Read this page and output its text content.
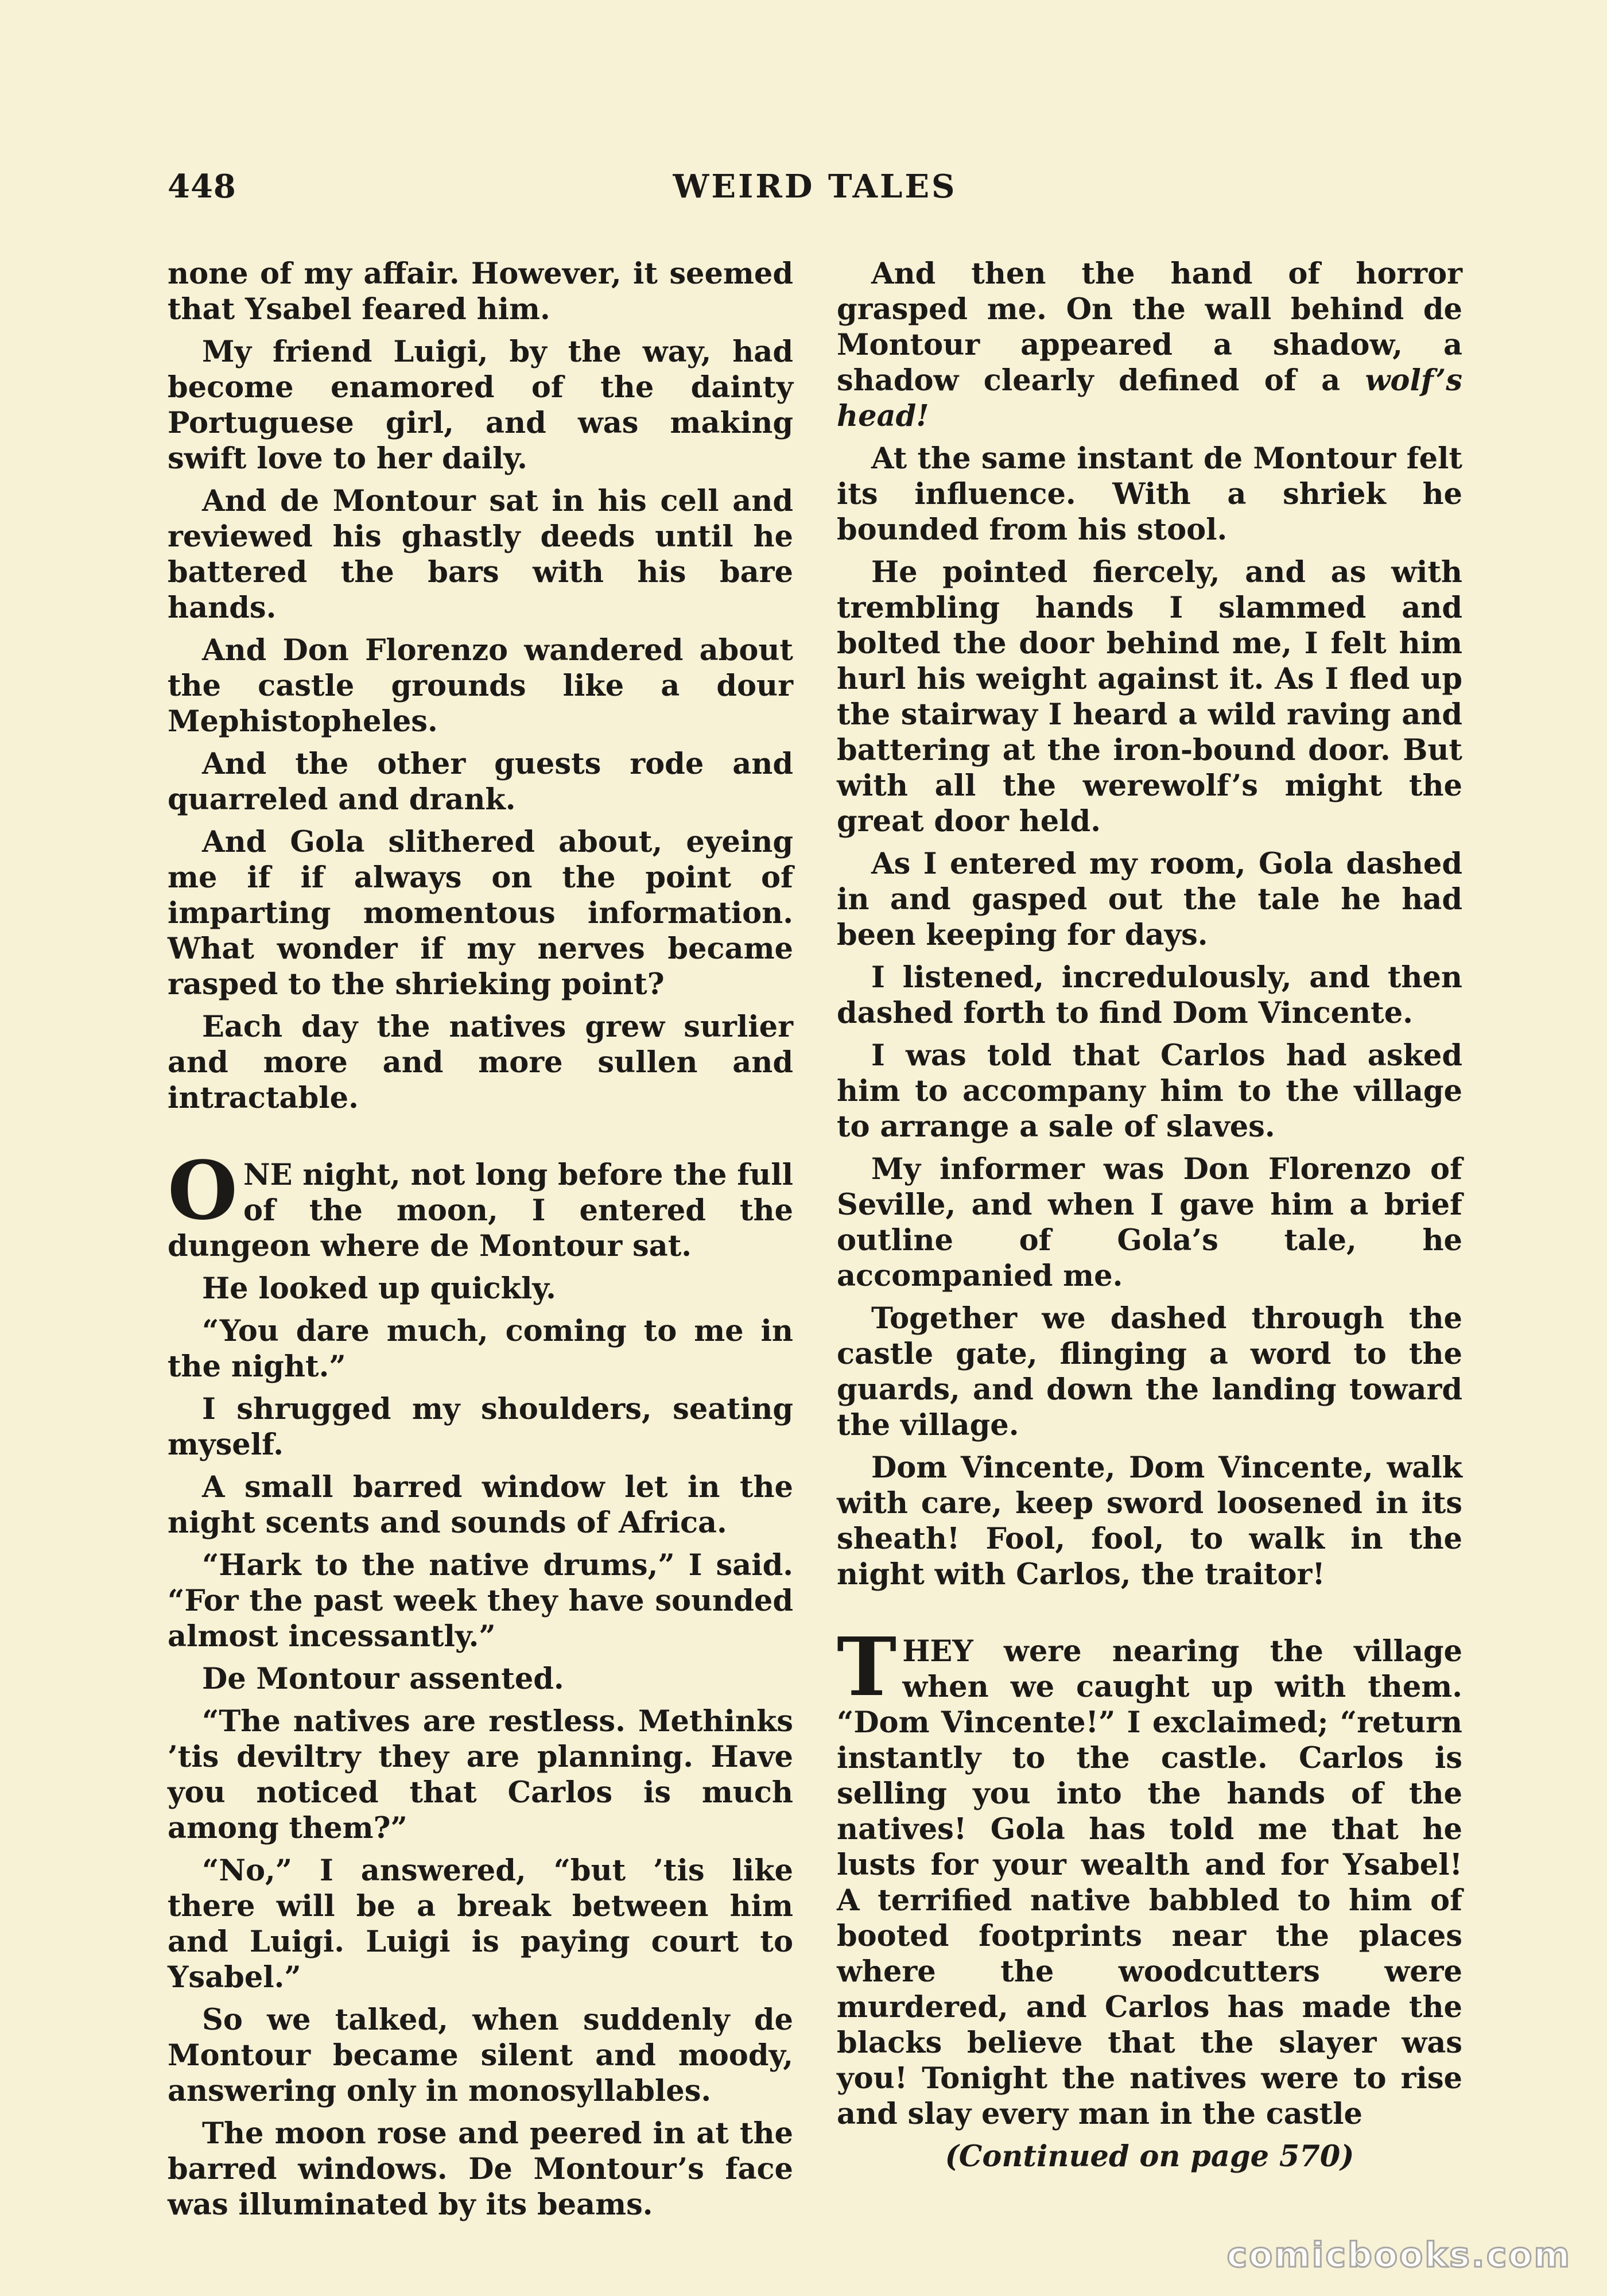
448	WEIRD TALES

none of my affair. However, it seemed that Ysabel feared him.

My friend Luigi, by the way, had become enamored of the dainty Portuguese girl, and was making swift love to her daily.

And de Montour sat in his cell and reviewed his ghastly deeds until he battered the bars with his bare hands.

And Don Florenzo wandered about the castle grounds like a dour Mephistopheles.

And the other guests rode and quarreled and drank.

And Gola slithered about, eyeing me if if always on the point of imparting momentous information. What wonder if my nerves became rasped to the shrieking point?

Each day the natives grew surlier and more and more sullen and intractable.

ONE night, not long before the full of the moon, I entered the dungeon where de Montour sat.

He looked up quickly.

“You dare much, coming to me in the night.”

I shrugged my shoulders, seating myself.

A small barred window let in the night scents and sounds of Africa.

“Hark to the native drums,” I said. “For the past week they have sounded almost incessantly.”

De Montour assented.

“The natives are restless. Methinks ’tis deviltry they are planning. Have you noticed that Carlos is much among them?”

“No,” I answered, “but ’tis like there will be a break between him and Luigi. Luigi is paying court to Ysabel.”

So we talked, when suddenly de Montour became silent and moody, answering only in monosyllables.

The moon rose and peered in at the barred windows. De Montour’s face was illuminated by its beams.

And then the hand of horror grasped me. On the wall behind de Montour appeared a shadow, a shadow clearly defined of a wolf’s head!

At the same instant de Montour felt its influence. With a shriek he bounded from his stool.

He pointed fiercely, and as with trembling hands I slammed and bolted the door behind me, I felt him hurl his weight against it. As I fled up the stairway I heard a wild raving and battering at the iron-bound door. But with all the werewolf’s might the great door held.

As I entered my room, Gola dashed in and gasped out the tale he had been keeping for days.

I listened, incredulously, and then dashed forth to find Dom Vincente.

I was told that Carlos had asked him to accompany him to the village to arrange a sale of slaves.

My informer was Don Florenzo of Seville, and when I gave him a brief outline of Gola’s tale, he accompanied me.

Together we dashed through the castle gate, flinging a word to the guards, and down the landing toward the village.

Dom Vincente, Dom Vincente, walk with care, keep sword loosened in its sheath! Fool, fool, to walk in the night with Carlos, the traitor!

THEY were nearing the village when we caught up with them. “Dom Vincente!” I exclaimed; “return instantly to the castle. Carlos is selling you into the hands of the natives! Gola has told me that he lusts for your wealth and for Ysabel! A terrified native babbled to him of booted footprints near the places where the woodcutters were murdered, and Carlos has made the blacks believe that the slayer was you! Tonight the natives were to rise and slay every man in the castle

(Continued on page 570)

comicbooks.com
